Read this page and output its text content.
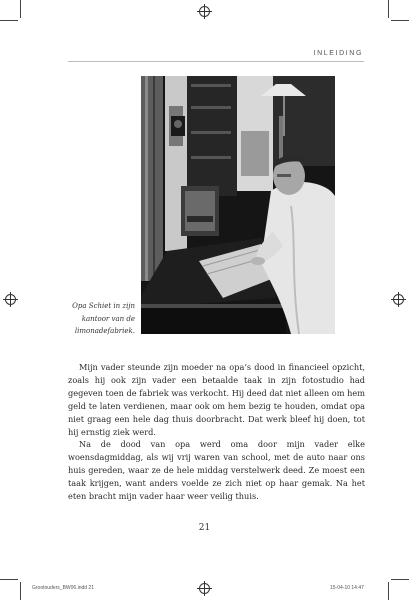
INLEIDING
Opa Schiet in zijn kantoor van de limonadefabriek.

Mijn vader steunde zijn moeder na opa’s dood in financieel opzicht, zoals hij ook zijn vader een betaalde taak in zijn fotostudio had gegeven toen de fabriek was verkocht. Hij deed dat niet alleen om hem geld te laten verdienen, maar ook om hem bezig te houden, omdat opa niet graag een hele dag thuis doorbracht. Dat werk bleef hij doen, tot hij ernstig ziek werd.

Na de dood van opa werd oma door mijn vader elke woensdagmiddag, als wij vrij waren van school, met de auto naar ons huis gereden, waar ze de hele middag verstelwerk deed. Ze moest een taak krijgen, want anders voelde ze zich niet op haar gemak. Na het eten bracht mijn vader haar weer veilig thuis.

21
Grootouders_BW06.indd 21	15-04-10 14:47
